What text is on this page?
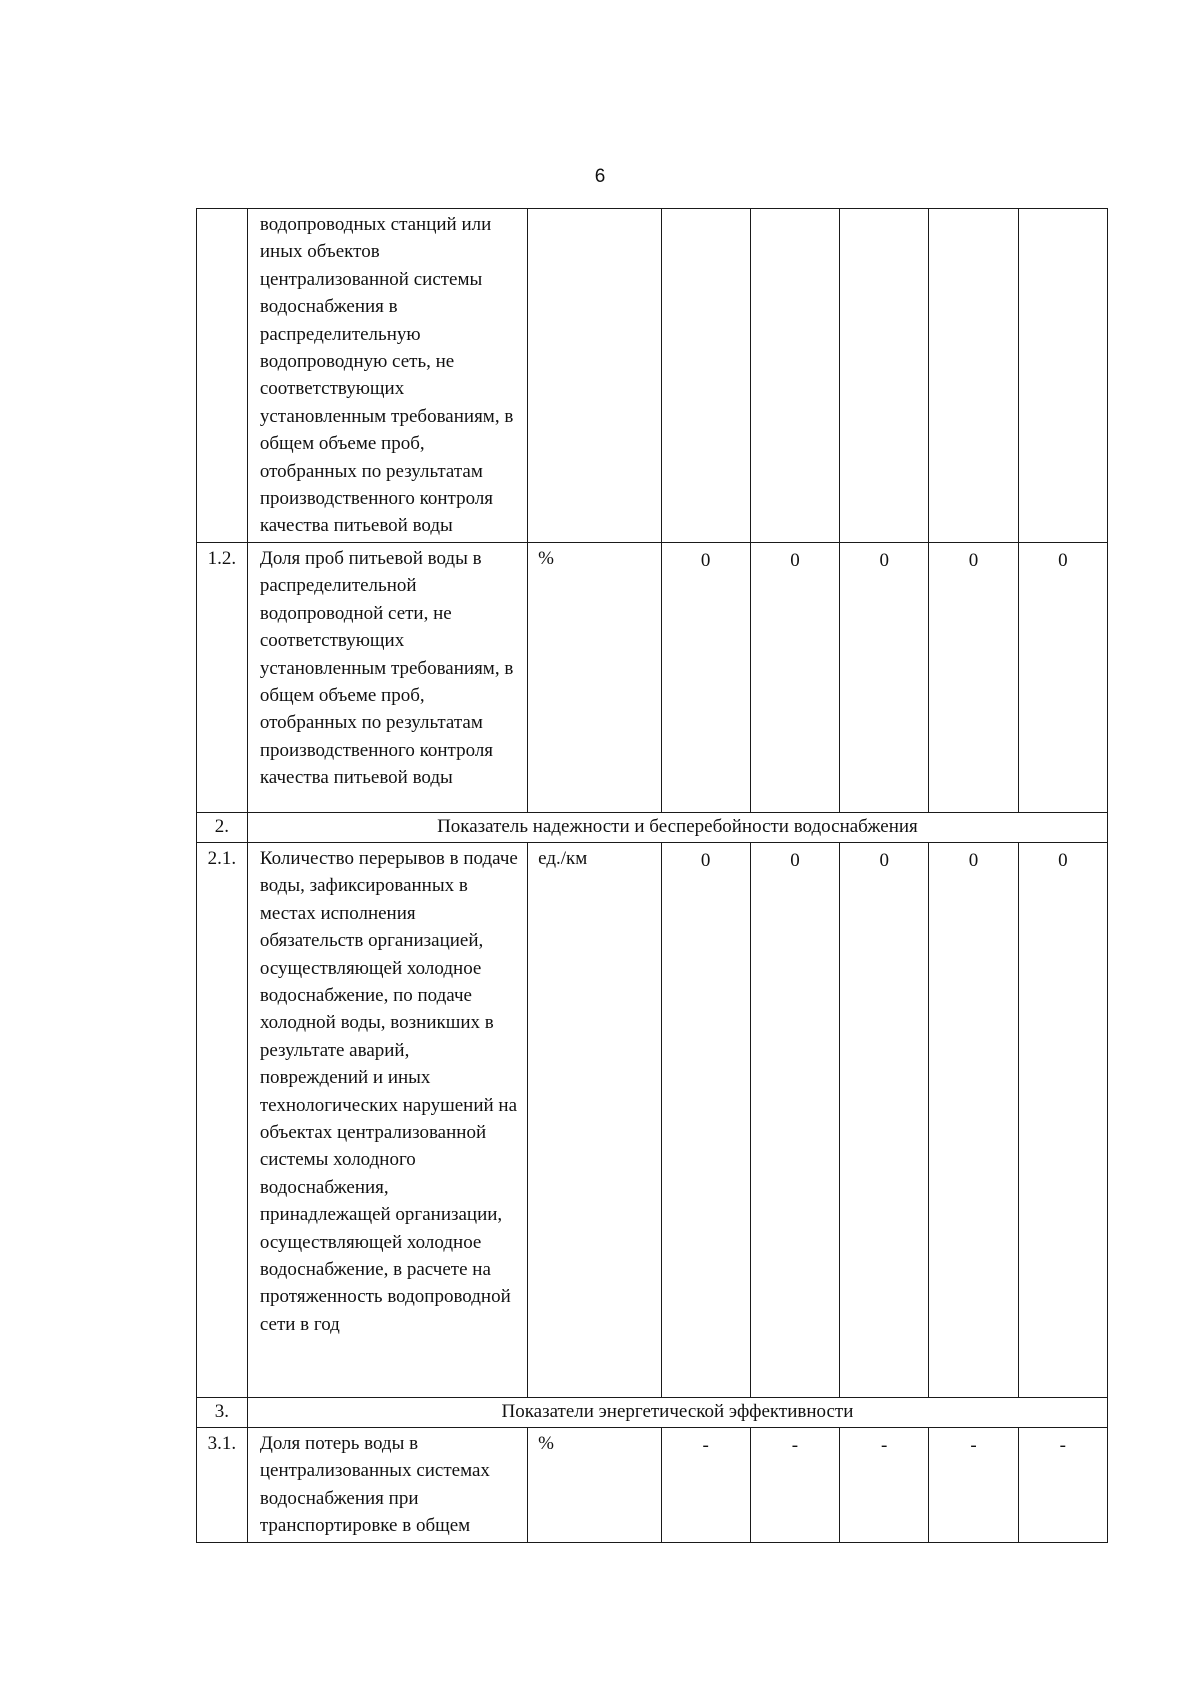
6
	водопроводных станций или иных объектов централизованной системы водоснабжения в распределительную водопроводную сеть, не соответствующих установленным требованиям, в общем объеме проб, отобранных по результатам производственного контроля качества питьевой воды						
1.2.	Доля проб питьевой воды в распределительной водопроводной сети, не соответствующих установленным требованиям, в общем объеме проб, отобранных по результатам производственного контроля качества питьевой воды	%	0	0	0	0	0
2.	Показатель надежности и бесперебойности водоснабжения						
2.1.	Количество перерывов в подаче воды, зафиксированных в местах исполнения обязательств организацией, осуществляющей холодное водоснабжение, по подаче холодной воды, возникших в результате аварий, повреждений и иных технологических нарушений на объектах централизованной системы холодного водоснабжения, принадлежащей организации, осуществляющей холодное водоснабжение, в расчете на протяженность водопроводной сети в год	ед./км	0	0	0	0	0
3.	Показатели энергетической эффективности						
3.1.	Доля потерь воды в централизованных системах водоснабжения при транспортировке в общем	%	-	-	-	-	-
